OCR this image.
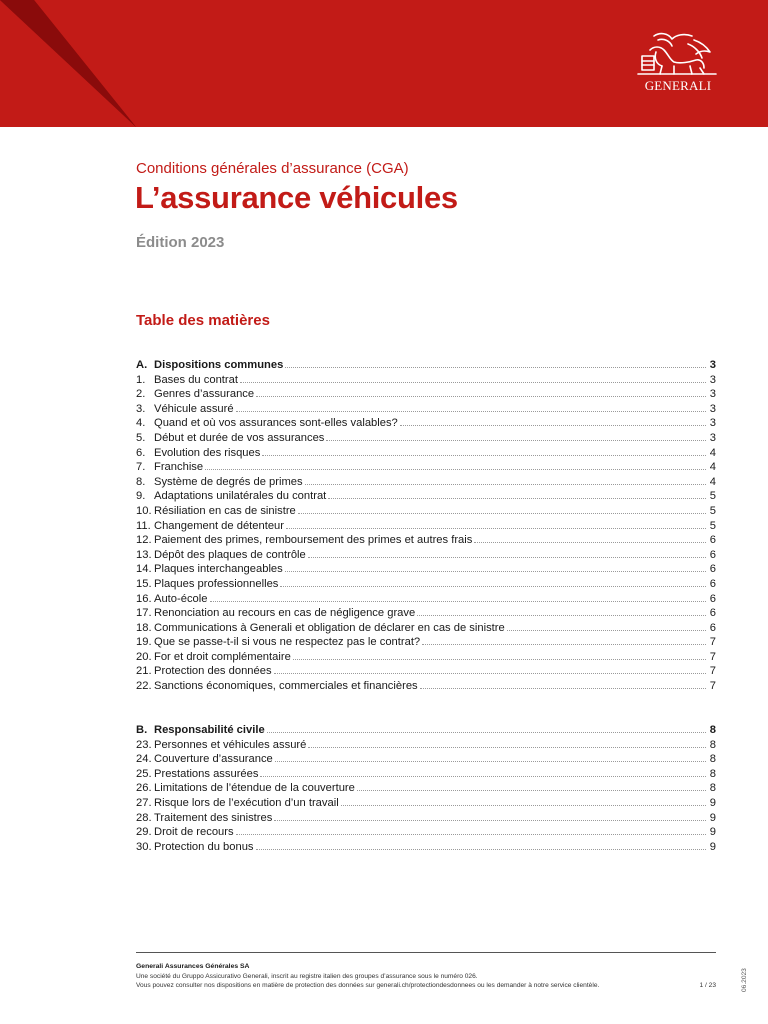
GENERALI
Conditions générales d’assurance (CGA)
L’assurance véhicules
Édition 2023
Table des matières
A. Dispositions communes	3
1. Bases du contrat	3
2. Genres d’assurance	3
3. Véhicule assuré	3
4. Quand et où vos assurances sont-elles valables?	3
5. Début et durée de vos assurances	3
6. Evolution des risques	4
7. Franchise	4
8. Système de degrés de primes	4
9. Adaptations unilatérales du contrat	5
10. Résiliation en cas de sinistre	5
11. Changement de détenteur	5
12. Paiement des primes, remboursement des primes et autres frais	6
13. Dépôt des plaques de contrôle	6
14. Plaques interchangeables	6
15. Plaques professionnelles	6
16. Auto-école	6
17. Renonciation au recours en cas de négligence grave	6
18. Communications à Generali et obligation de déclarer en cas de sinistre	6
19. Que se passe-t-il si vous ne respectez pas le contrat?	7
20. For et droit complémentaire	7
21. Protection des données	7
22. Sanctions économiques, commerciales et financières	7
B. Responsabilité civile	8
23. Personnes et véhicules assuré	8
24. Couverture d’assurance	8
25. Prestations assurées	8
26. Limitations de l’étendue de la couverture	8
27. Risque lors de l’exécution d’un travail	9
28. Traitement des sinistres	9
29. Droit de recours	9
30. Protection du bonus	9
Generali Assurances Générales SA
Une société du Gruppo Assicurativo Generali, inscrit au registre italien des groupes d’assurance sous le numéro 026.
Vous pouvez consulter nos dispositions en matière de protection des données sur generali.ch/protectiondesdonnees ou les demander à notre service clientèle.	1 / 23	06.2023
